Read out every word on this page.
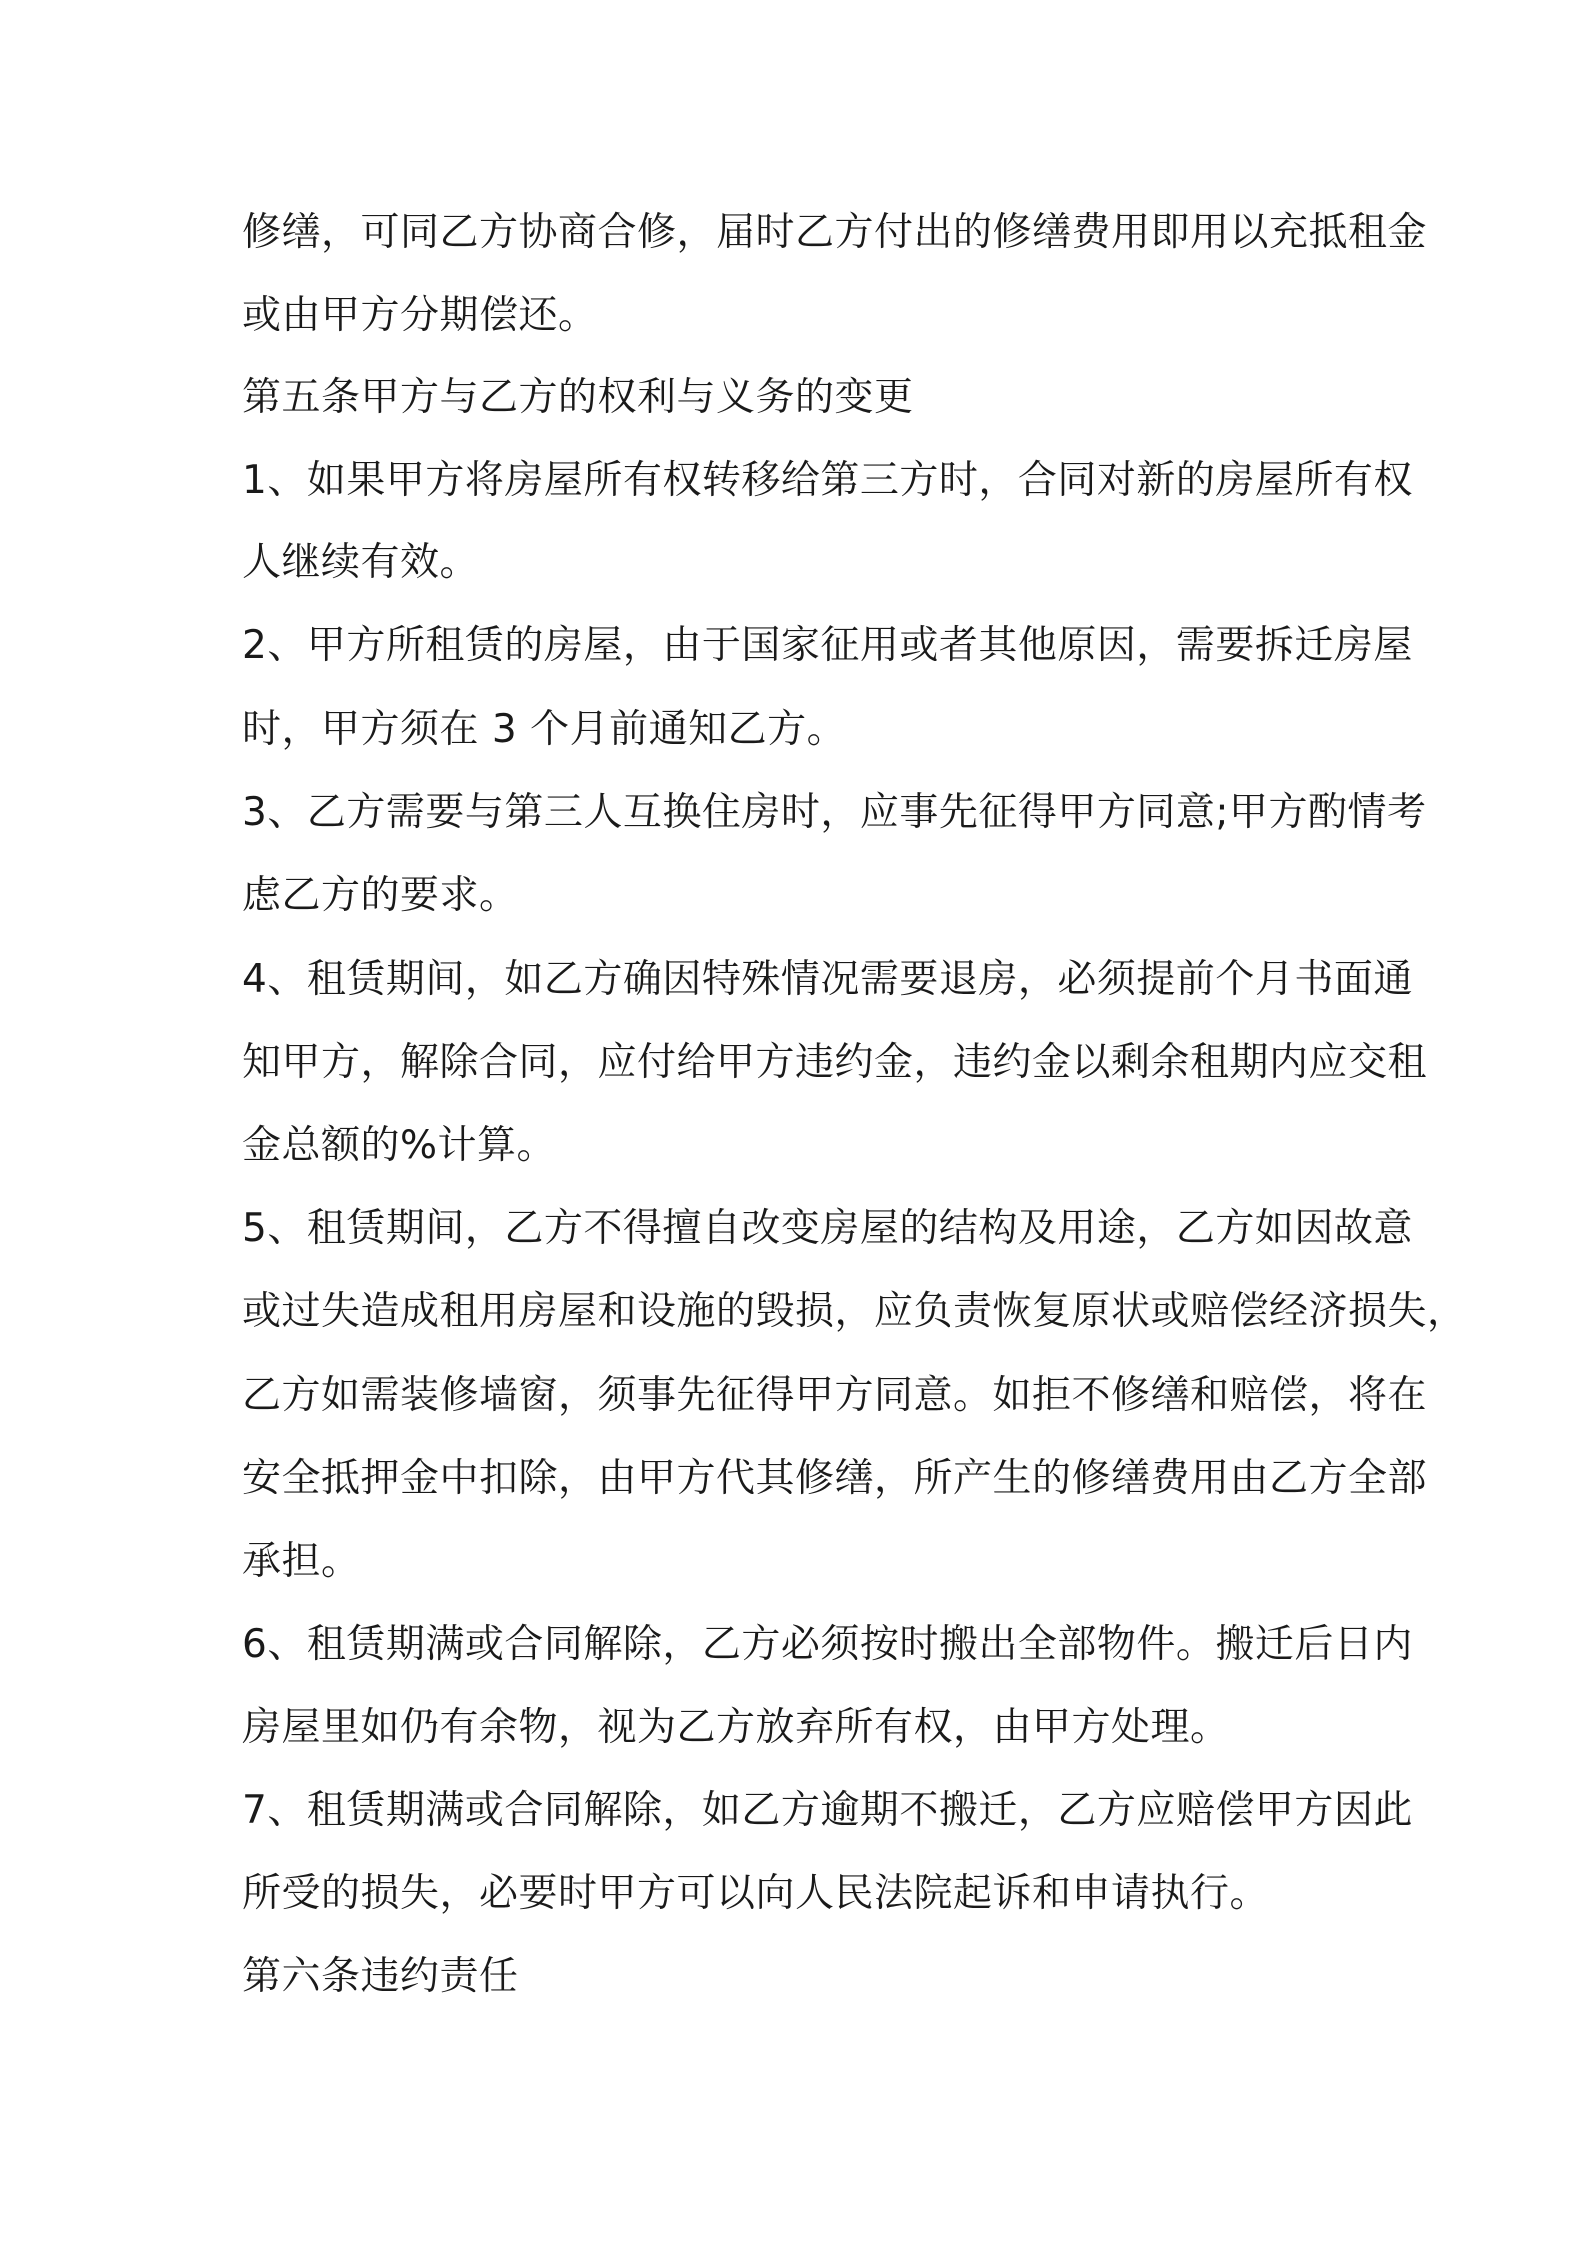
修缮，可同乙方协商合修，届时乙方付出的修缮费用即用以充抵租金

或由甲方分期偿还。

第五条甲方与乙方的权利与义务的变更

1、如果甲方将房屋所有权转移给第三方时，合同对新的房屋所有权

人继续有效。

2、甲方所租赁的房屋，由于国家征用或者其他原因，需要拆迁房屋

时，甲方须在 3 个月前通知乙方。

3、乙方需要与第三人互换住房时，应事先征得甲方同意;甲方酌情考

虑乙方的要求。

4、租赁期间，如乙方确因特殊情况需要退房，必须提前个月书面通

知甲方，解除合同，应付给甲方违约金，违约金以剩余租期内应交租

金总额的%计算。

5、租赁期间，乙方不得擅自改变房屋的结构及用途，乙方如因故意

或过失造成租用房屋和设施的毁损，应负责恢复原状或赔偿经济损失，

乙方如需装修墙窗，须事先征得甲方同意。如拒不修缮和赔偿，将在

安全抵押金中扣除，由甲方代其修缮，所产生的修缮费用由乙方全部

承担。

6、租赁期满或合同解除，乙方必须按时搬出全部物件。搬迁后日内

房屋里如仍有余物，视为乙方放弃所有权，由甲方处理。

7、租赁期满或合同解除，如乙方逾期不搬迁，乙方应赔偿甲方因此

所受的损失，必要时甲方可以向人民法院起诉和申请执行。

第六条违约责任
